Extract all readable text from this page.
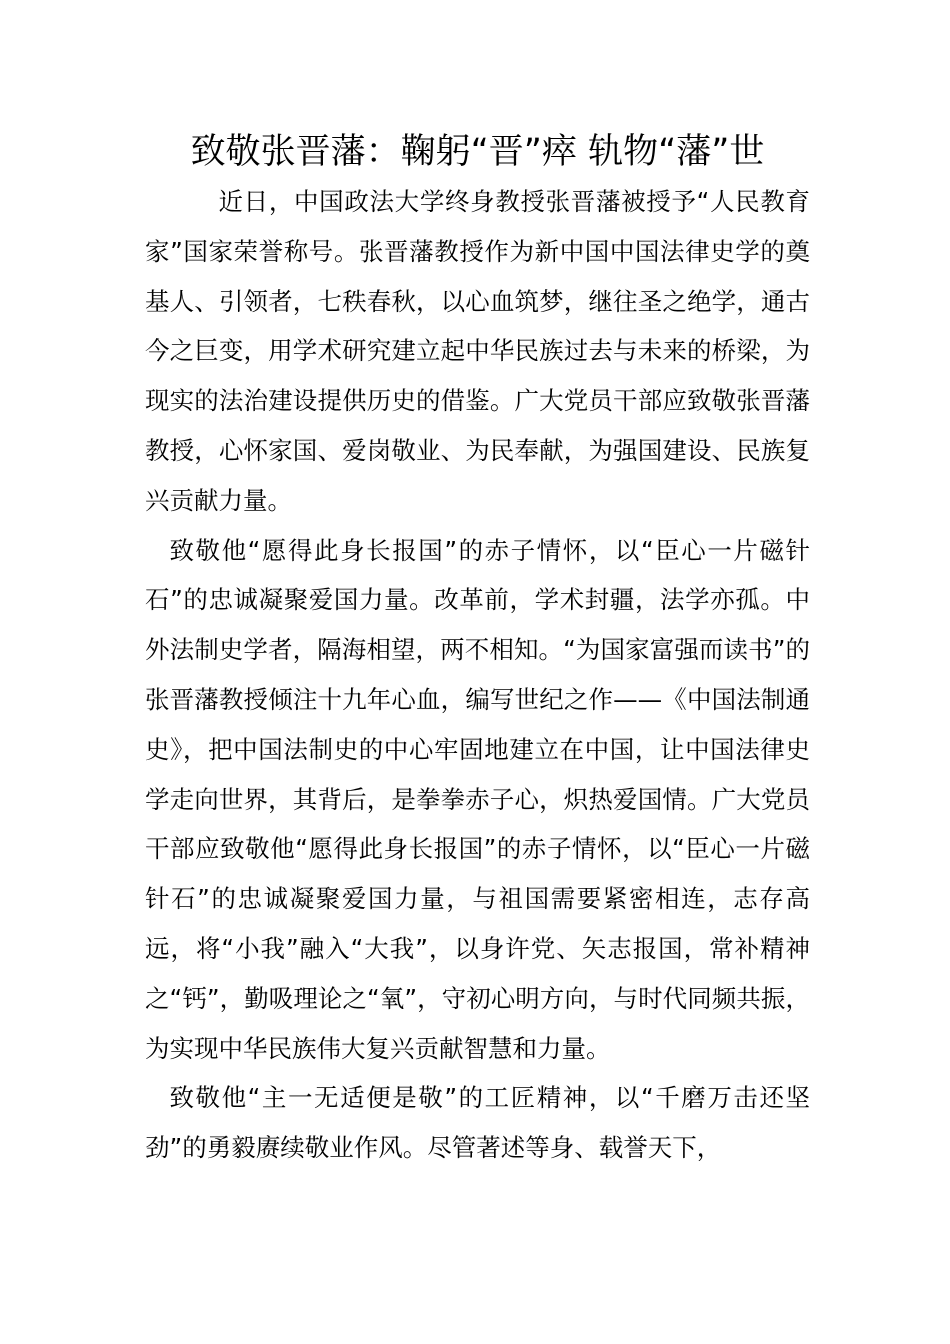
致敬张晋藩：鞠躬“晋”瘁 轨物“藩”世

近日，中国政法大学终身教授张晋藩被授予“人民教育家”国家荣誉称号。张晋藩教授作为新中国中国法律史学的奠基人、引领者，七秩春秋，以心血筑梦，继往圣之绝学，通古今之巨变，用学术研究建立起中华民族过去与未来的桥梁，为现实的法治建设提供历史的借鉴。广大党员干部应致敬张晋藩教授，心怀家国、爱岗敬业、为民奉献，为强国建设、民族复兴贡献力量。

致敬他“愿得此身长报国”的赤子情怀，以“臣心一片磁针石”的忠诚凝聚爱国力量。改革前，学术封疆，法学亦孤。中外法制史学者，隔海相望，两不相知。“为国家富强而读书”的张晋藩教授倾注十九年心血，编写世纪之作——《中国法制通史》，把中国法制史的中心牢固地建立在中国，让中国法律史学走向世界，其背后，是拳拳赤子心，炽热爱国情。广大党员干部应致敬他“愿得此身长报国”的赤子情怀，以“臣心一片磁针石”的忠诚凝聚爱国力量，与祖国需要紧密相连，志存高远，将“小我”融入“大我”，以身许党、矢志报国，常补精神之“钙”，勤吸理论之“氧”，守初心明方向，与时代同频共振，为实现中华民族伟大复兴贡献智慧和力量。

致敬他“主一无适便是敬”的工匠精神，以“千磨万击还坚劲”的勇毅赓续敬业作风。尽管著述等身、载誉天下，
